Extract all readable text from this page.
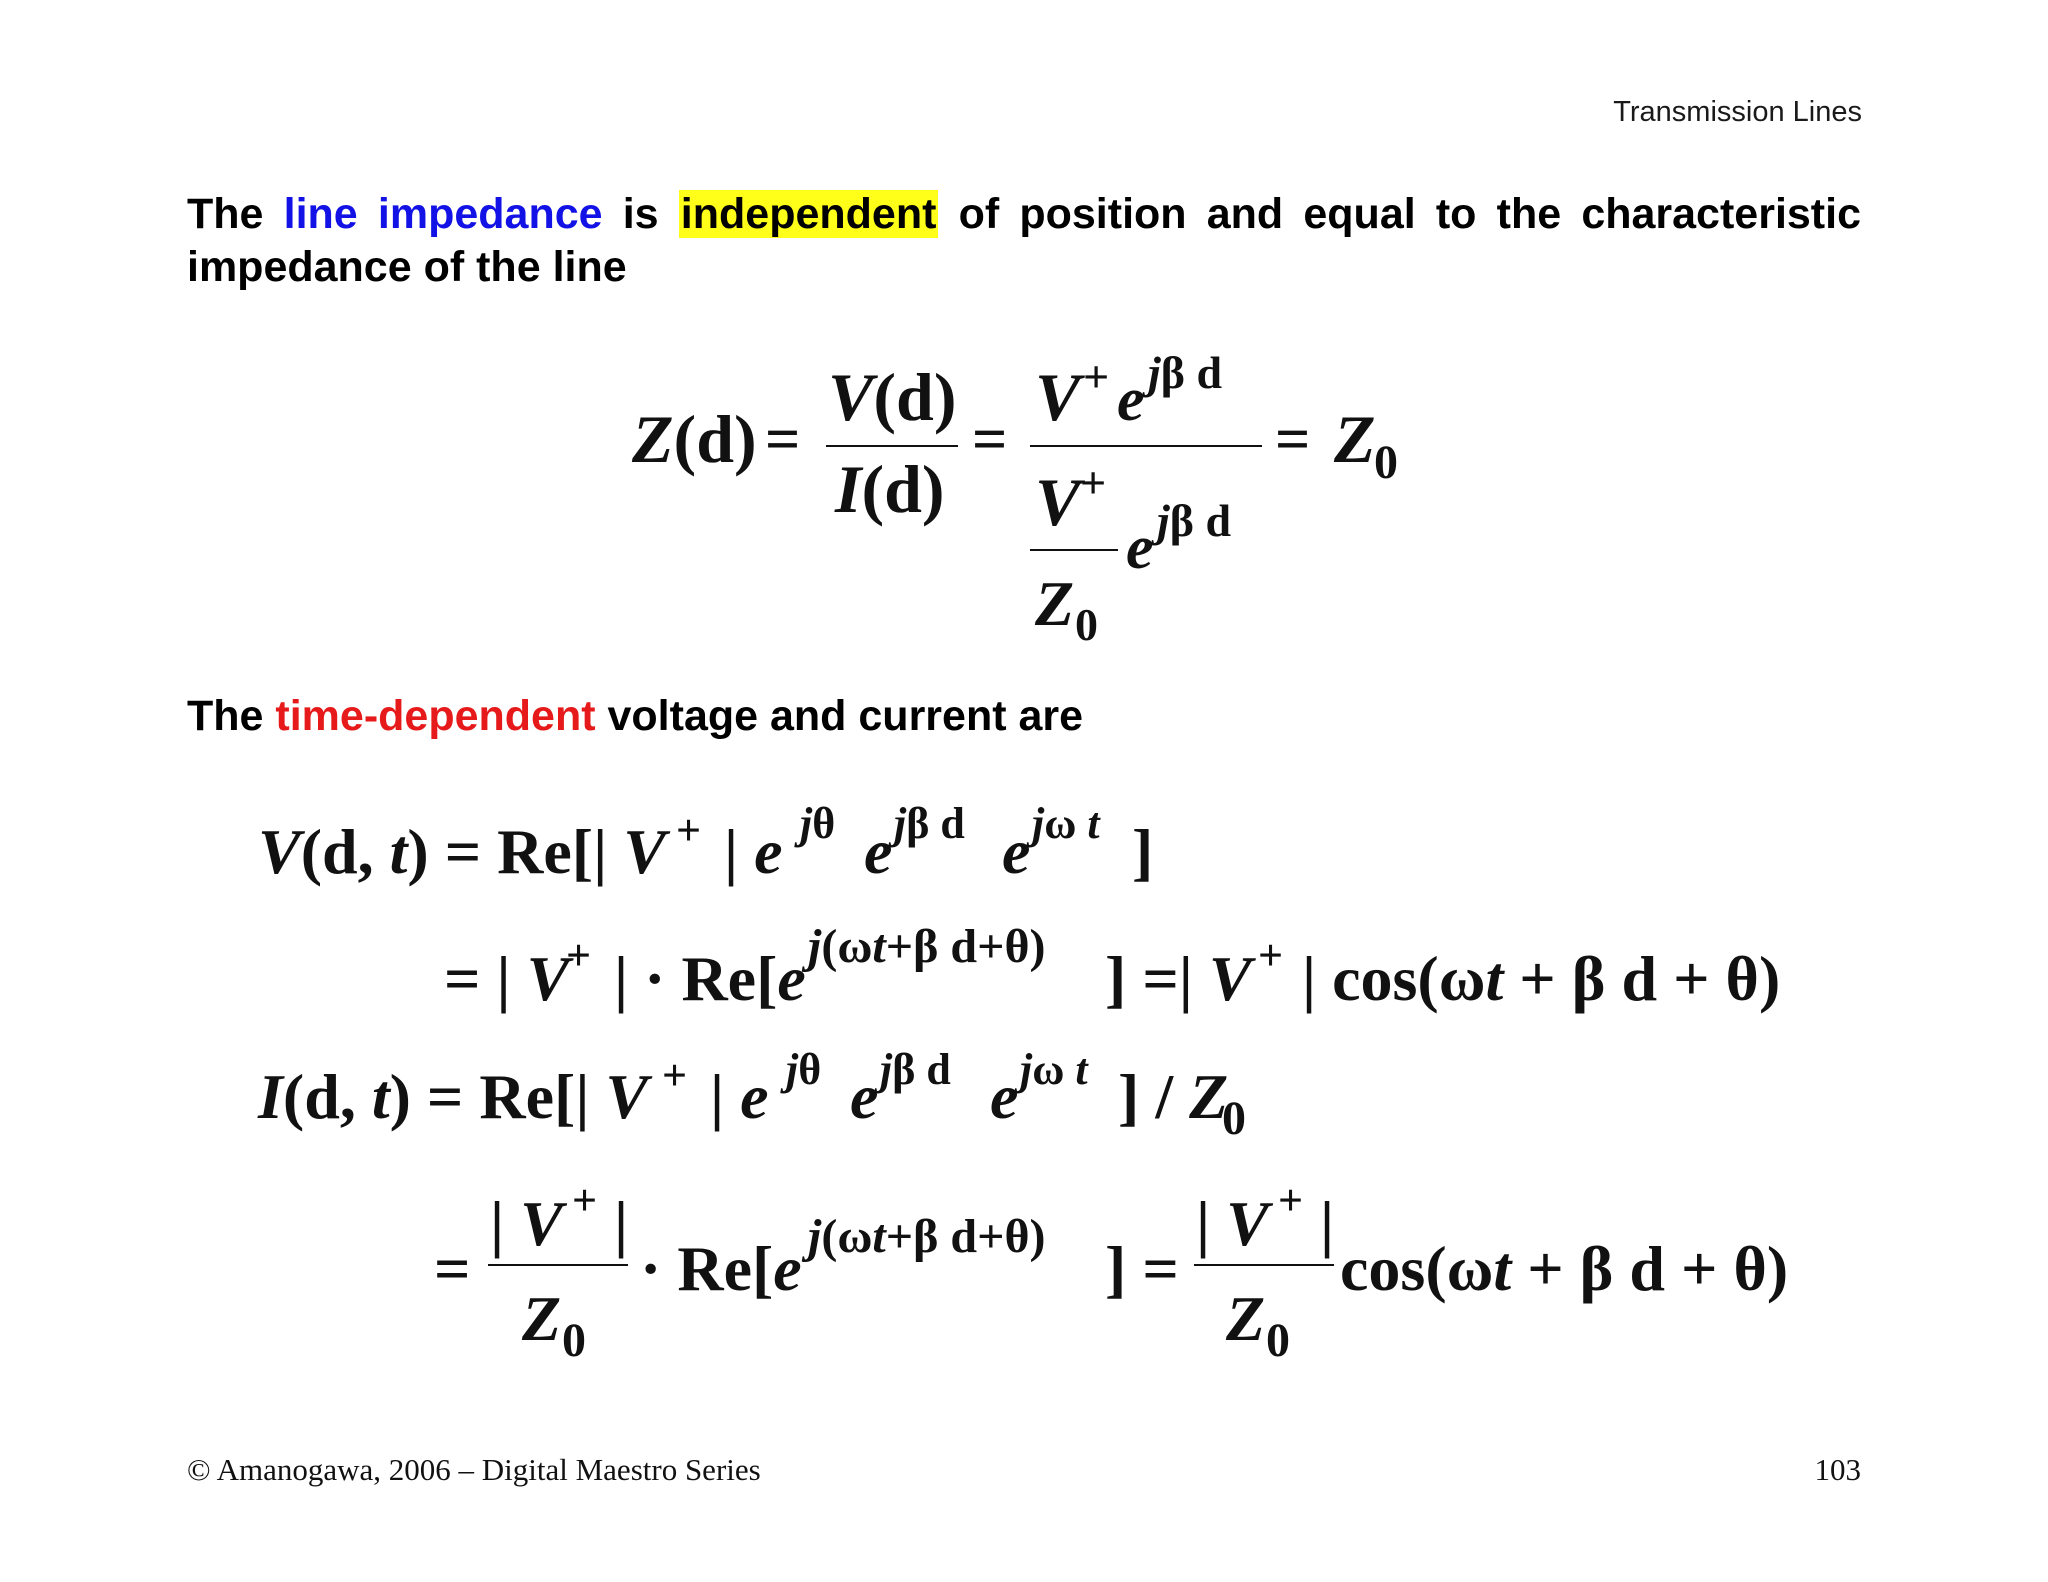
Transmission Lines
The line impedance is independent of position and equal to the characteristic impedance of the line
Z(d) =
V(d)
I(d)
=
V + e jβ d
V +
Z 0
e jβ d
= Z
0
V(d, t) = Re[| V + | e jθ e jβ d e jω t ]
= | V
+ | · Re[e j(ωt+β d+θ) ] =| V + | cos(ωt + β d + θ)
I(d, t) = Re[| V + | e jθ e jβ d e jω t ] / Z
0
=
| V + |
Z 0
· Re[e j(ωt+β d+θ) ] =
| V + |
Z 0
cos(ωt + β d + θ)
The time-dependent voltage and current are
© Amanogawa, 2006 – Digital Maestro Series	103
